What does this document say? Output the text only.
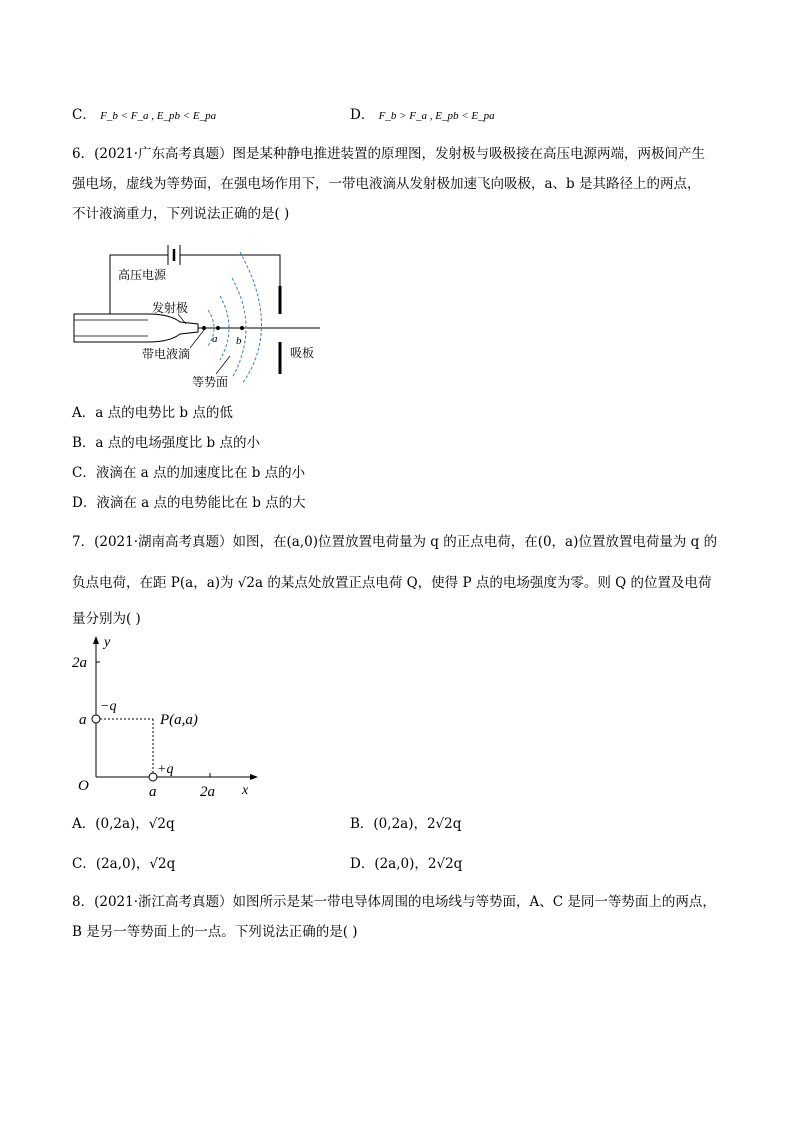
C． F_b < F_a , E_pb < E_pa	D． F_b > F_a , E_pb < E_pa
6．(2021·广东高考真题）图是某种静电推进装置的原理图，发射极与吸极接在高压电源两端，两极间产生
强电场，虚线为等势面，在强电场作用下，一带电液滴从发射极加速飞向吸极，a、b 是其路径上的两点，
不计液滴重力，下列说法正确的是( )
高压电源
a b
吸板
发射极
带电液滴
等势面
A．a 点的电势比 b 点的低
B．a 点的电场强度比 b 点的小
C．液滴在 a 点的加速度比在 b 点的小
D．液滴在 a 点的电势能比在 b 点的大
7．(2021·湖南高考真题）如图，在(a,0)位置放置电荷量为 q 的正点电荷，在(0，a)位置放置电荷量为 q 的
负点电荷，在距 P(a，a)为 √2a 的某点处放置正点电荷 Q，使得 P 点的电场强度为零。则 Q 的位置及电荷
量分别为( )
y
x
O
2a
a
a	2a
−q
+q
P(a,a)
A．(0,2a)，√2q	B．(0,2a)，2√2q
C．(2a,0)，√2q	D．(2a,0)，2√2q
8．(2021·浙江高考真题）如图所示是某一带电导体周围的电场线与等势面，A、C 是同一等势面上的两点，
B 是另一等势面上的一点。下列说法正确的是( )
